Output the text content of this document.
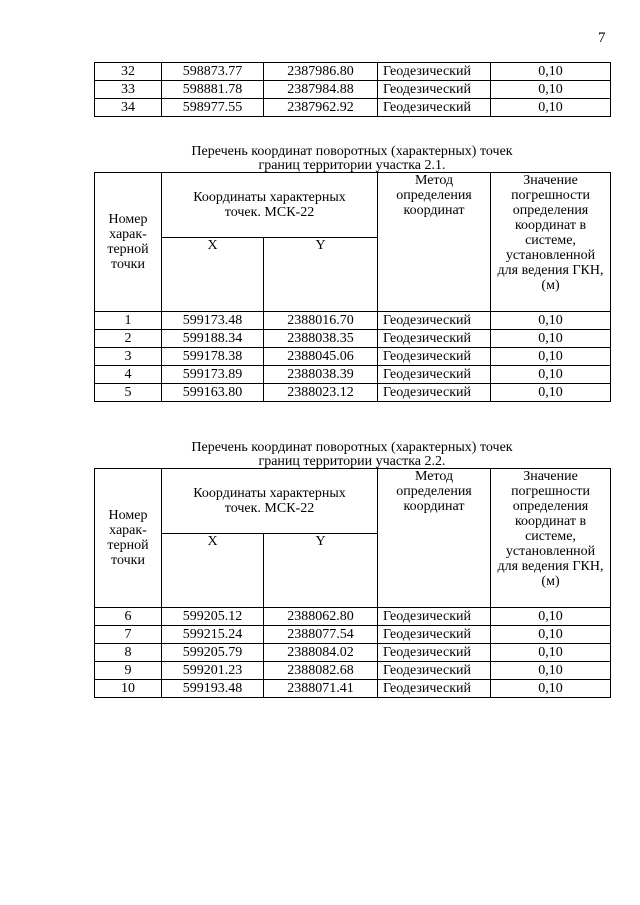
7
32	598873.77	2387986.80	Геодезический	0,10
33	598881.78	2387984.88	Геодезический	0,10
34	598977.55	2387962.92	Геодезический	0,10
Перечень координат поворотных (характерных) точек
границ территории участка 2.1.
Номер харак-терной точки	Координаты характерных точек. МСК-22		Метод определения координат	Значение погрешности определения координат в системе, установленной для ведения ГКН, (м)
	X	Y		
1	599173.48	2388016.70	Геодезический	0,10
2	599188.34	2388038.35	Геодезический	0,10
3	599178.38	2388045.06	Геодезический	0,10
4	599173.89	2388038.39	Геодезический	0,10
5	599163.80	2388023.12	Геодезический	0,10
Перечень координат поворотных (характерных) точек
границ территории участка 2.2.
Номер харак-терной точки	Координаты характерных точек. МСК-22		Метод определения координат	Значение погрешности определения координат в системе, установленной для ведения ГКН, (м)
	X	Y		
6	599205.12	2388062.80	Геодезический	0,10
7	599215.24	2388077.54	Геодезический	0,10
8	599205.79	2388084.02	Геодезический	0,10
9	599201.23	2388082.68	Геодезический	0,10
10	599193.48	2388071.41	Геодезический	0,10
